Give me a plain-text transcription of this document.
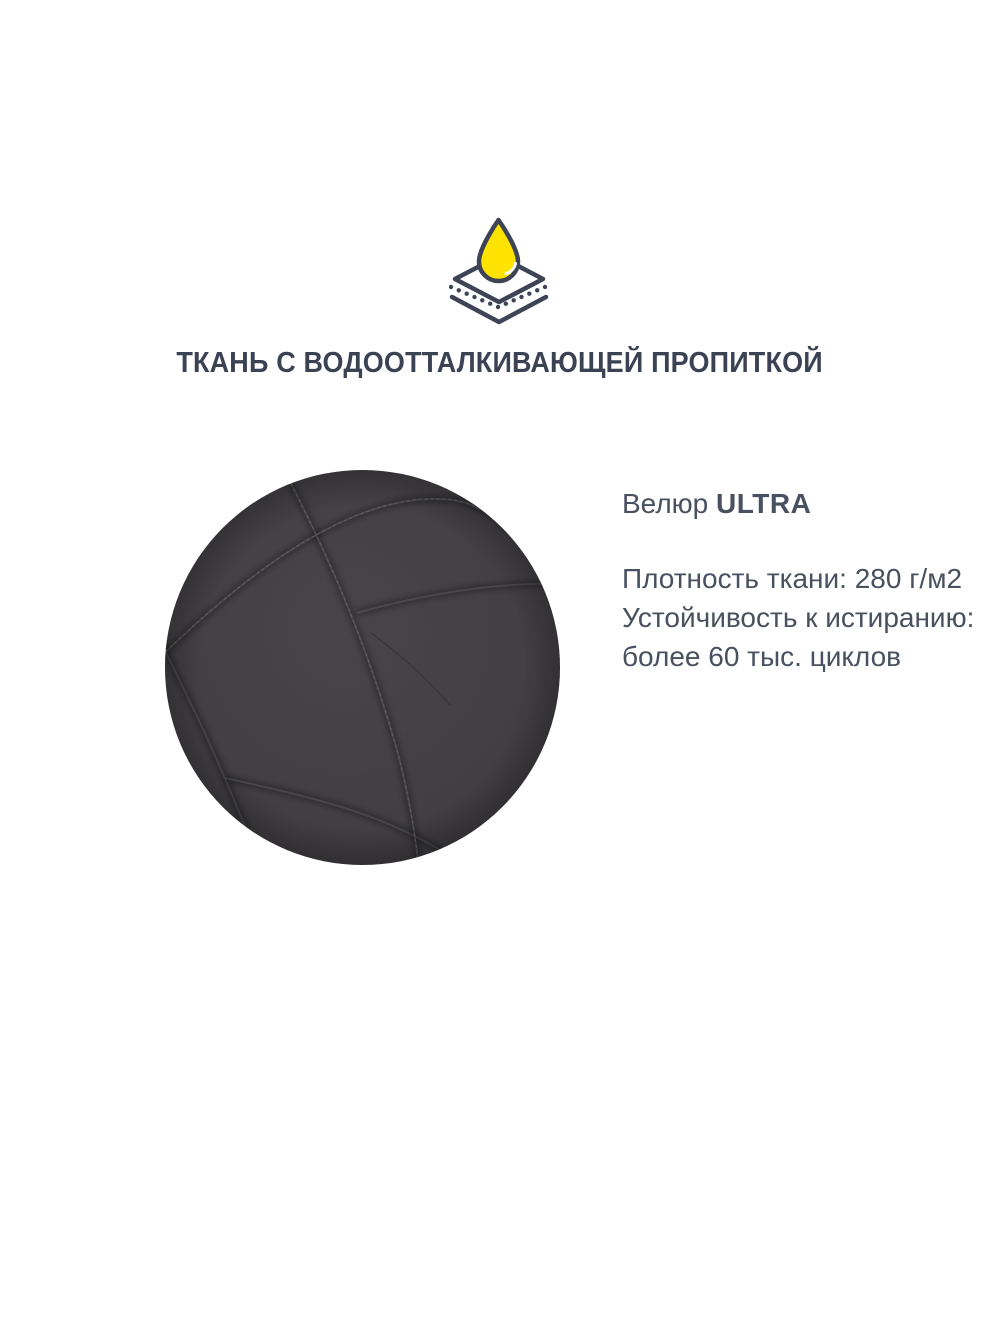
ТКАНЬ С ВОДООТТАЛКИВАЮЩЕЙ ПРОПИТКОЙ
Велюр ULTRA
Плотность ткани: 280 г/м2
Устойчивость к истиранию:
более 60 тыс. циклов
